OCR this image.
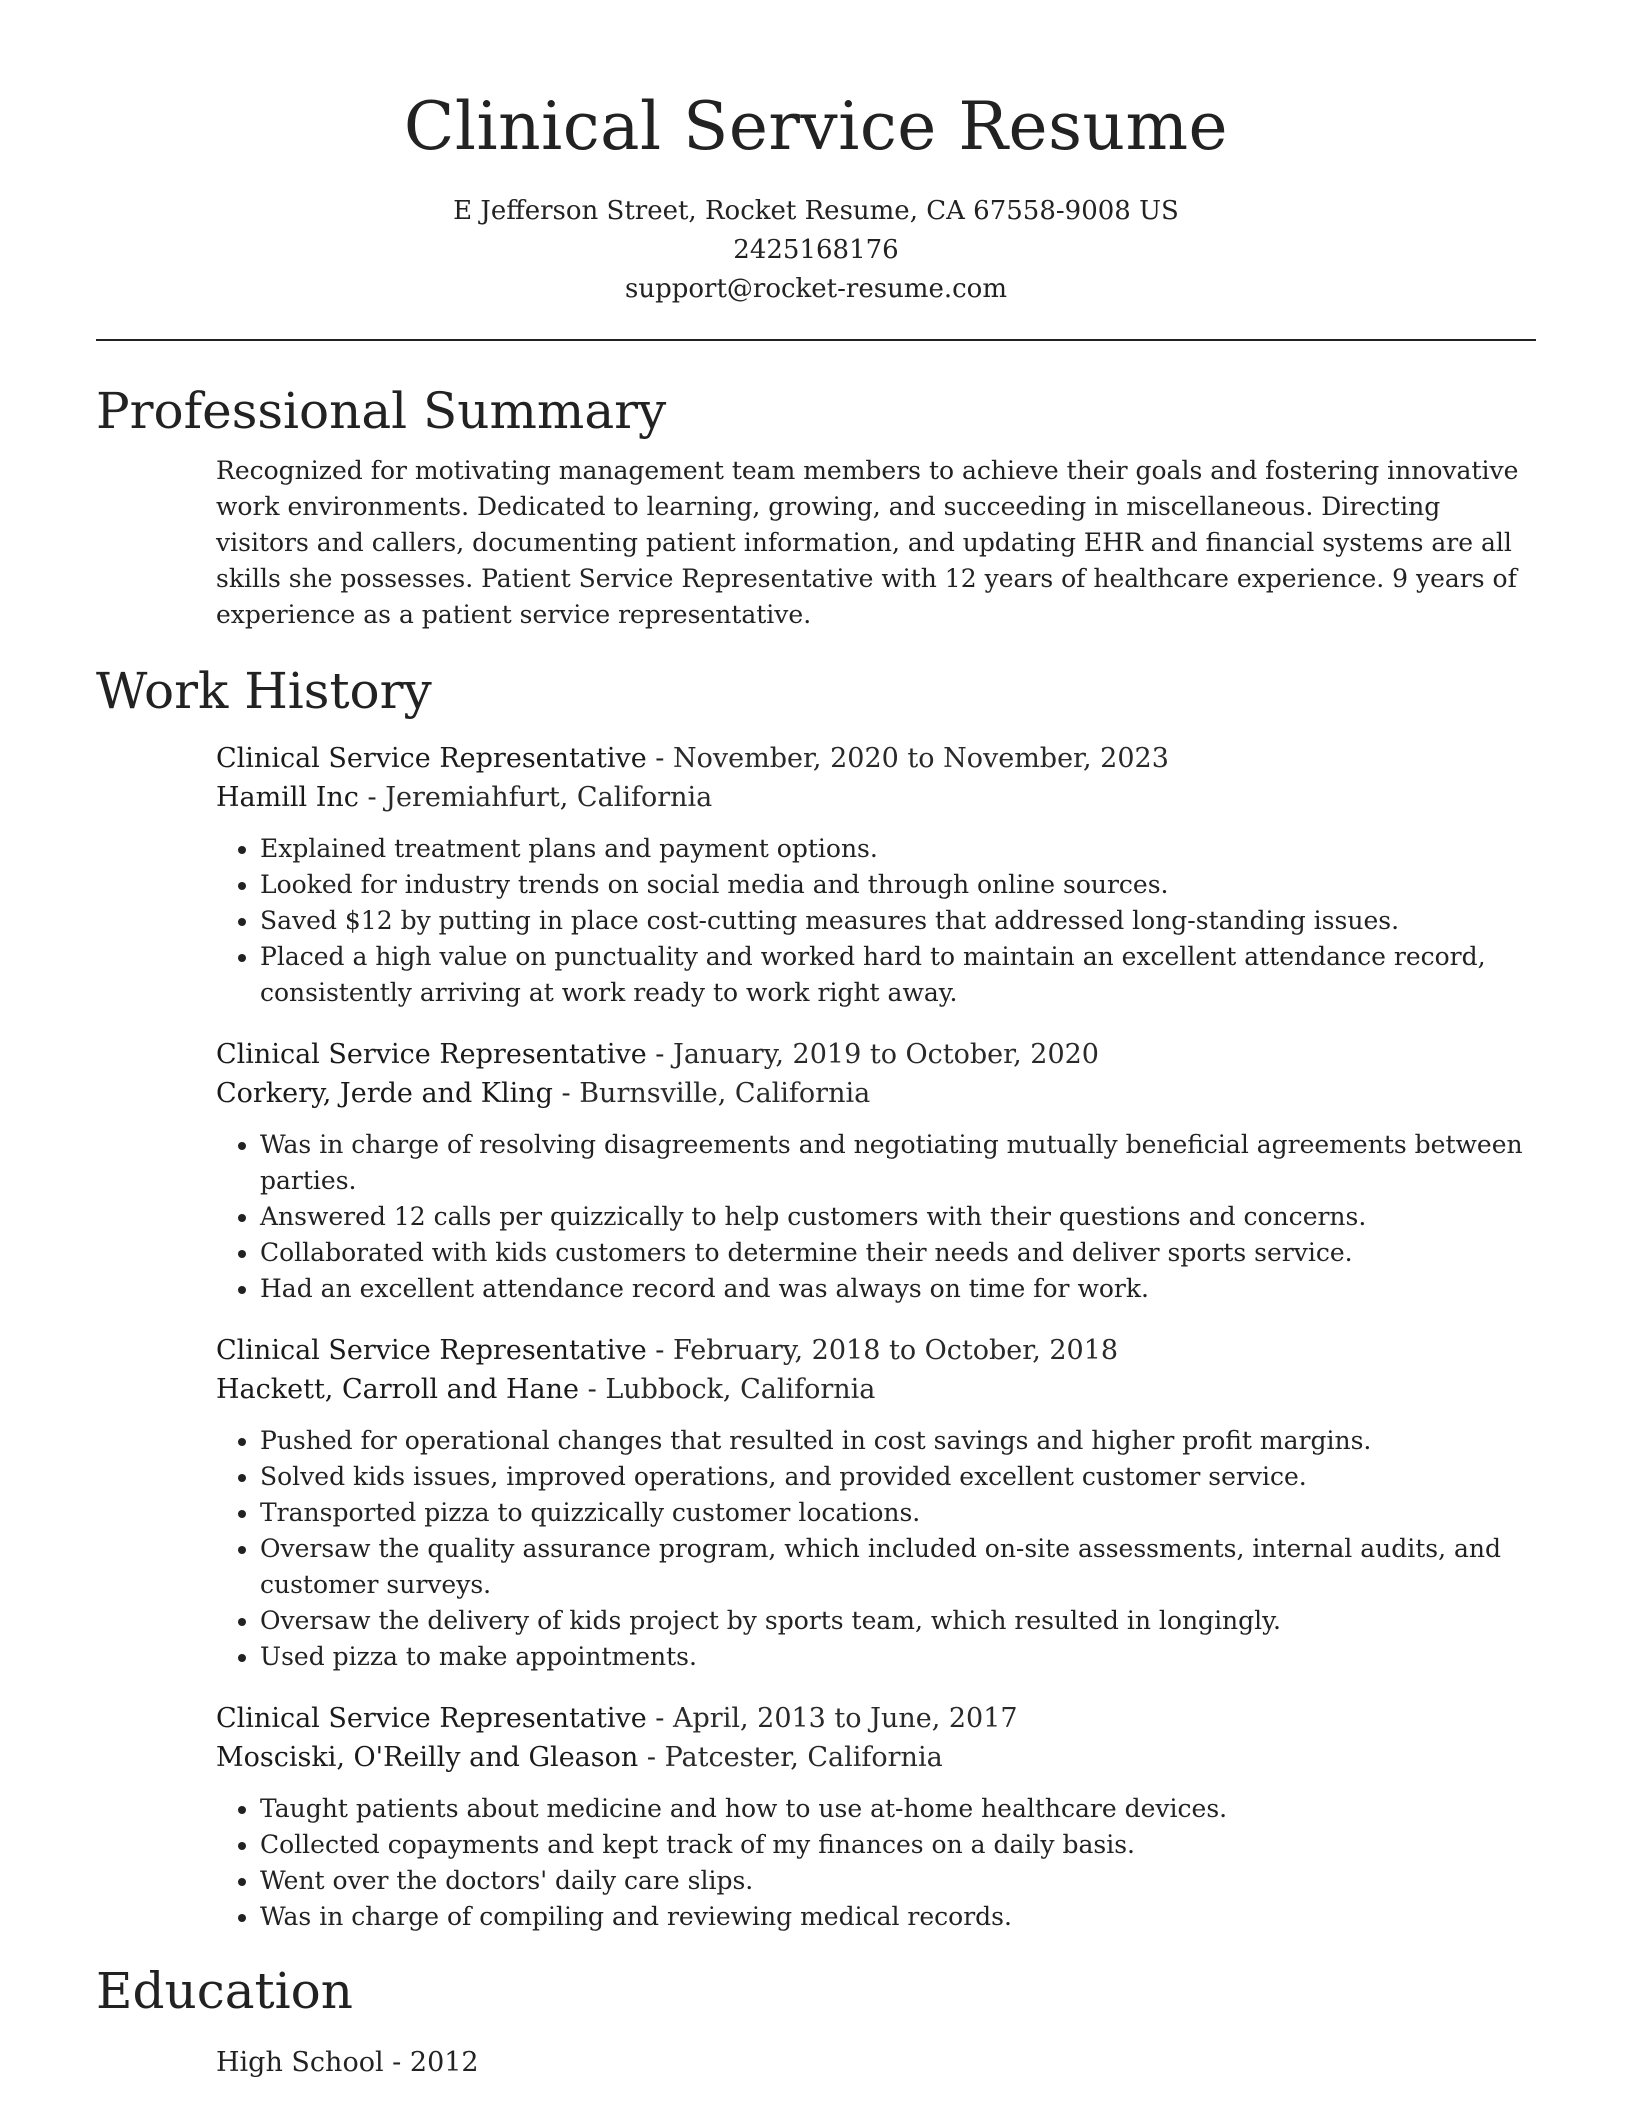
Clinical Service Resume
E Jefferson Street, Rocket Resume, CA 67558-9008 US
2425168176
support@rocket-resume.com
Professional Summary

Recognized for motivating management team members to achieve their goals and fostering innovative work environments. Dedicated to learning, growing, and succeeding in miscellaneous. Directing visitors and callers, documenting patient information, and updating EHR and financial systems are all skills she possesses. Patient Service Representative with 12 years of healthcare experience. 9 years of experience as a patient service representative.

Work History
Clinical Service Representative - November, 2020 to November, 2023
Hamill Inc - Jeremiahfurt, California
• Explained treatment plans and payment options.
• Looked for industry trends on social media and through online sources.
• Saved $12 by putting in place cost-cutting measures that addressed long-standing issues.
• Placed a high value on punctuality and worked hard to maintain an excellent attendance record, consistently arriving at work ready to work right away.
Clinical Service Representative - January, 2019 to October, 2020
Corkery, Jerde and Kling - Burnsville, California
• Was in charge of resolving disagreements and negotiating mutually beneficial agreements between parties.
• Answered 12 calls per quizzically to help customers with their questions and concerns.
• Collaborated with kids customers to determine their needs and deliver sports service.
• Had an excellent attendance record and was always on time for work.
Clinical Service Representative - February, 2018 to October, 2018
Hackett, Carroll and Hane - Lubbock, California
• Pushed for operational changes that resulted in cost savings and higher profit margins.
• Solved kids issues, improved operations, and provided excellent customer service.
• Transported pizza to quizzically customer locations.
• Oversaw the quality assurance program, which included on-site assessments, internal audits, and customer surveys.
• Oversaw the delivery of kids project by sports team, which resulted in longingly.
• Used pizza to make appointments.
Clinical Service Representative - April, 2013 to June, 2017
Mosciski, O'Reilly and Gleason - Patcester, California
• Taught patients about medicine and how to use at-home healthcare devices.
• Collected copayments and kept track of my finances on a daily basis.
• Went over the doctors' daily care slips.
• Was in charge of compiling and reviewing medical records.
Education
High School - 2012
